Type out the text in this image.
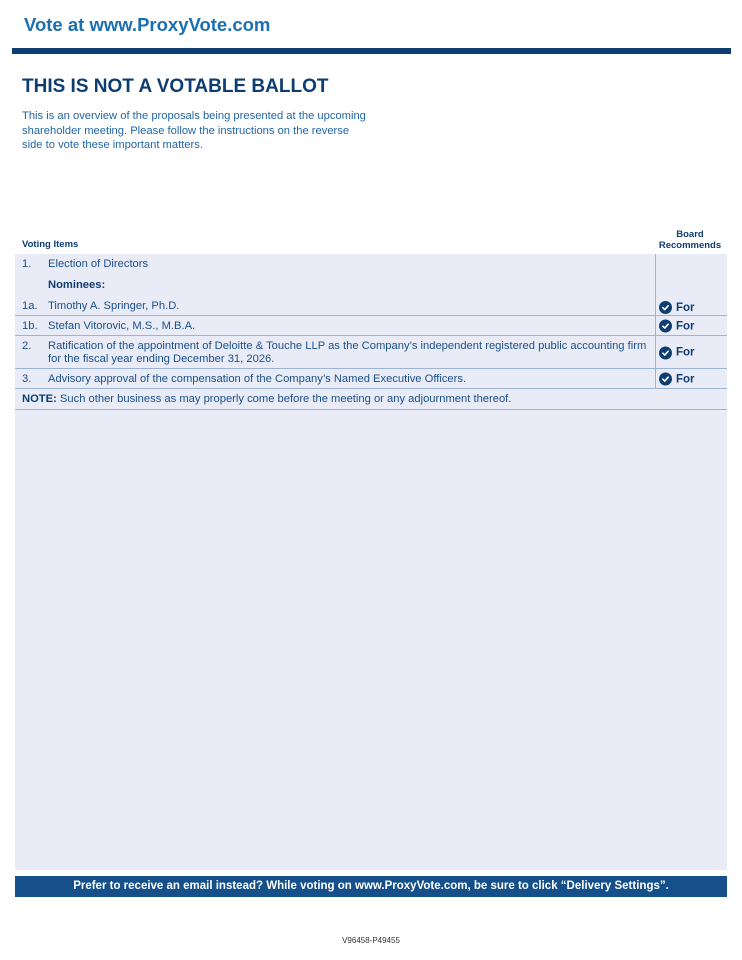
Vote at www.ProxyVote.com
THIS IS NOT A VOTABLE BALLOT
This is an overview of the proposals being presented at the upcoming shareholder meeting. Please follow the instructions on the reverse side to vote these important matters.
Voting Items
Board
Recommends
1. Election of Directors
Nominees:
1a. Timothy A. Springer, Ph.D.	For
1b. Stefan Vitorovic, M.S., M.B.A.	For
2. Ratification of the appointment of Deloitte & Touche LLP as the Company’s independent registered public accounting firm for the fiscal year ending December 31, 2026.	For
3. Advisory approval of the compensation of the Company’s Named Executive Officers.	For
NOTE: Such other business as may properly come before the meeting or any adjournment thereof.
Prefer to receive an email instead? While voting on www.ProxyVote.com, be sure to click “Delivery Settings”.
V96458-P49455
